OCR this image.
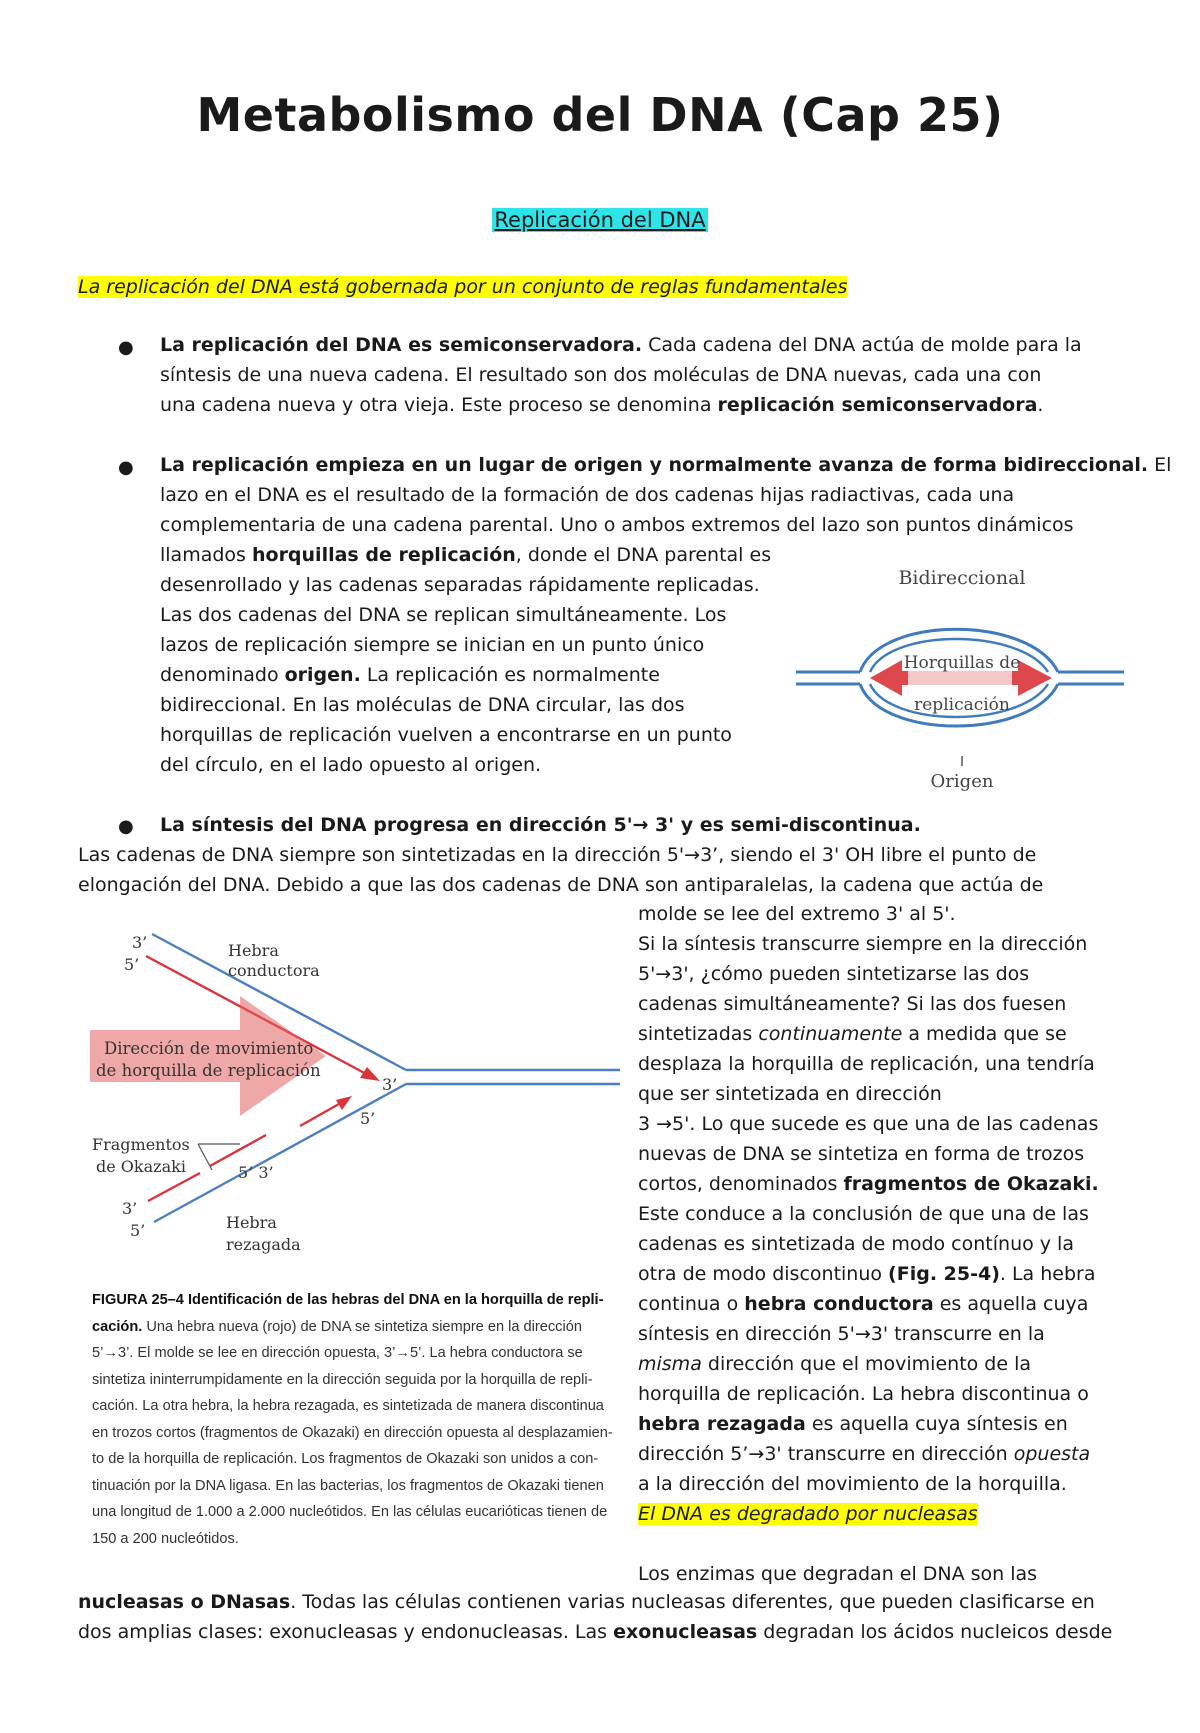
Metabolismo del DNA (Cap 25)
Replicación del DNA
La replicación del DNA está gobernada por un conjunto de reglas fundamentales
● La replicación del DNA es semiconservadora. Cada cadena del DNA actúa de molde para la
síntesis de una nueva cadena. El resultado son dos moléculas de DNA nuevas, cada una con
una cadena nueva y otra vieja. Este proceso se denomina replicación semiconservadora.
● La replicación empieza en un lugar de origen y normalmente avanza de forma bidireccional. El
lazo en el DNA es el resultado de la formación de dos cadenas hijas radiactivas, cada una
complementaria de una cadena parental. Uno o ambos extremos del lazo son puntos dinámicos
llamados horquillas de replicación, donde el DNA parental es
desenrollado y las cadenas separadas rápidamente replicadas.
Las dos cadenas del DNA se replican simultáneamente. Los
lazos de replicación siempre se inician en un punto único
denominado origen. La replicación es normalmente
bidireccional. En las moléculas de DNA circular, las dos
horquillas de replicación vuelven a encontrarse en un punto
del círculo, en el lado opuesto al origen.
Bidireccional
Horquillas de
replicación
Origen
● La síntesis del DNA progresa en dirección 5'→ 3' y es semi-discontinua.
Las cadenas de DNA siempre son sintetizadas en la dirección 5'→3’, siendo el 3' OH libre el punto de
elongación del DNA. Debido a que las dos cadenas de DNA son antiparalelas, la cadena que actúa de
molde se lee del extremo 3' al 5'.
Si la síntesis transcurre siempre en la dirección
5'→3', ¿cómo pueden sintetizarse las dos
cadenas simultáneamente? Si las dos fuesen
sintetizadas continuamente a medida que se
desplaza la horquilla de replicación, una tendría
que ser sintetizada en dirección
3 →5'. Lo que sucede es que una de las cadenas
nuevas de DNA se sintetiza en forma de trozos
cortos, denominados fragmentos de Okazaki.
Este conduce a la conclusión de que una de las
cadenas es sintetizada de modo contínuo y la
otra de modo discontinuo (Fig. 25-4). La hebra
continua o hebra conductora es aquella cuya
síntesis en dirección 5'→3' transcurre en la
misma dirección que el movimiento de la
horquilla de replicación. La hebra discontinua o
hebra rezagada es aquella cuya síntesis en
dirección 5’→3' transcurre en dirección opuesta
a la dirección del movimiento de la horquilla.
El DNA es degradado por nucleasas

Los enzimas que degradan el DNA son las
3’
5’
Hebra
conductora
Dirección de movimiento
de horquilla de replicación
3’
5’
Fragmentos
de Okazaki	5’ 3’
3’
5’	Hebra
rezagada
FIGURA 25–4 Identificación de las hebras del DNA en la horquilla de repli-
cación. Una hebra nueva (rojo) de DNA se sintetiza siempre en la dirección
5’→3’. El molde se lee en dirección opuesta, 3’→5’. La hebra conductora se
sintetiza ininterrumpidamente en la dirección seguida por la horquilla de repli-
cación. La otra hebra, la hebra rezagada, es sintetizada de manera discontinua
en trozos cortos (fragmentos de Okazaki) en dirección opuesta al desplazamien-
to de la horquilla de replicación. Los fragmentos de Okazaki son unidos a con-
tinuación por la DNA ligasa. En las bacterias, los fragmentos de Okazaki tienen
una longitud de 1.000 a 2.000 nucleótidos. En las células eucarióticas tienen de
150 a 200 nucleótidos.
nucleasas o DNasas. Todas las células contienen varias nucleasas diferentes, que pueden clasificarse en
dos amplias clases: exonucleasas y endonucleasas. Las exonucleasas degradan los ácidos nucleicos desde
